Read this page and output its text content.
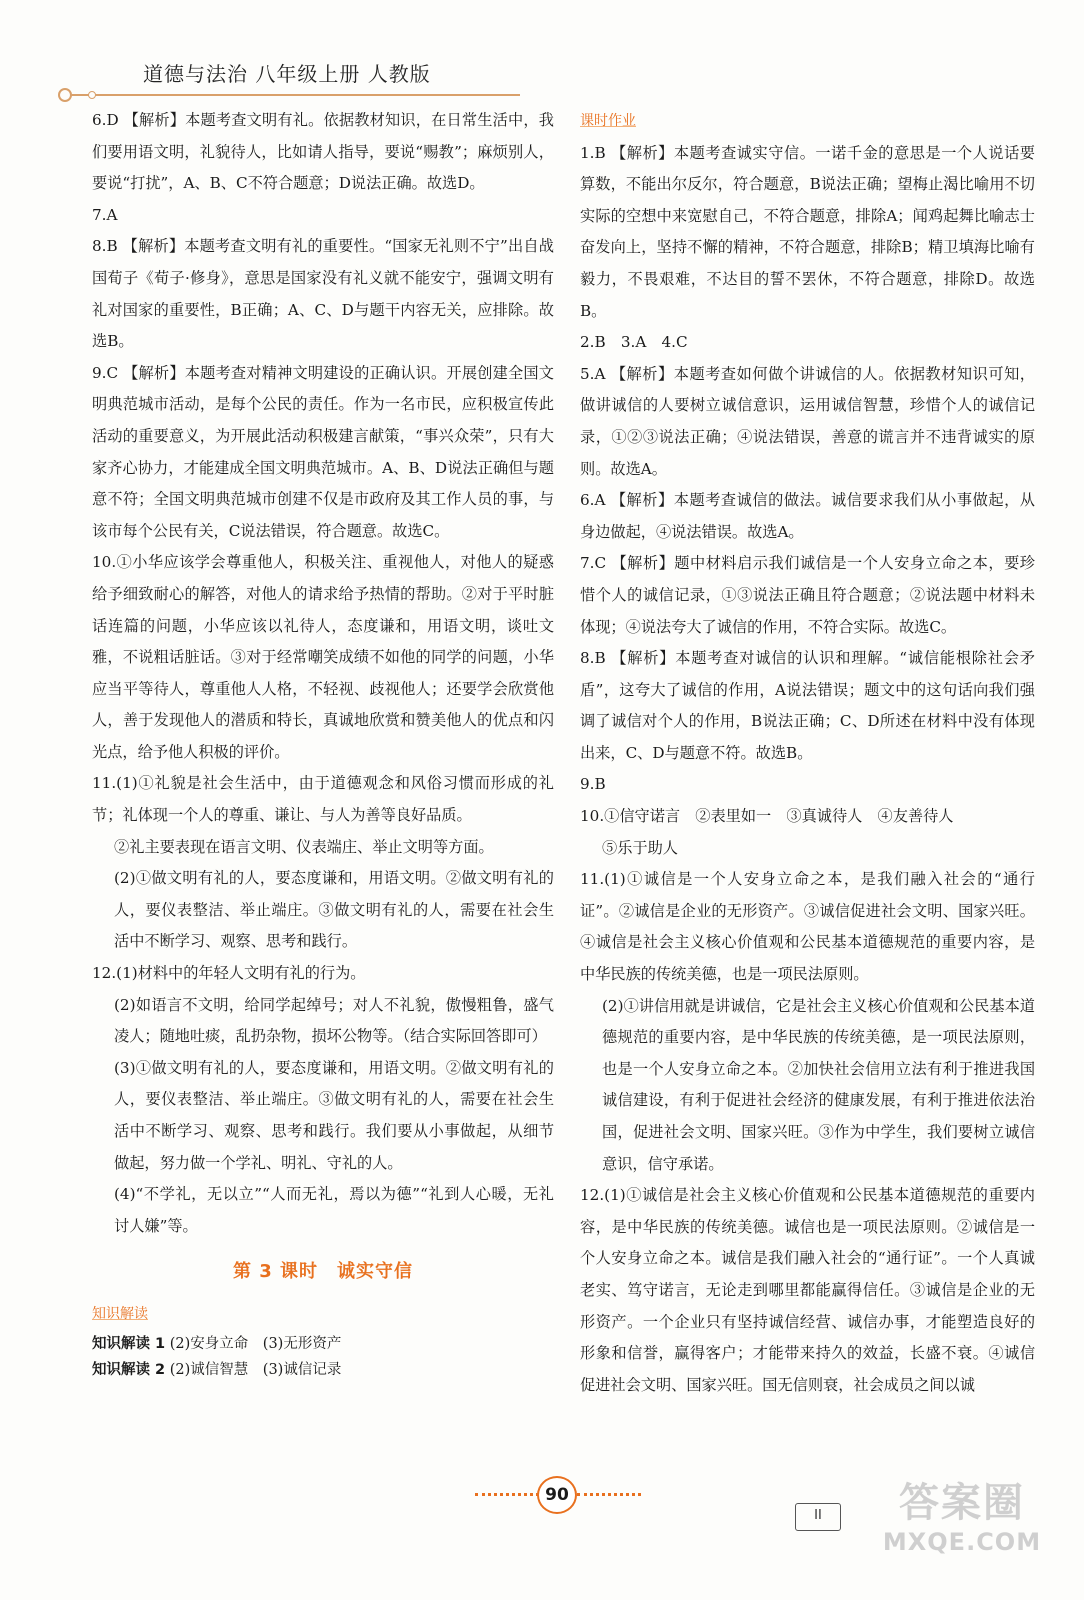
道德与法治 八年级上册 人教版

6.D 【解析】本题考查文明有礼。依据教材知识，在日常生活中，我们要用语文明，礼貌待人，比如请人指导，要说“赐教”；麻烦别人，要说“打扰”，A、B、C不符合题意；D说法正确。故选D。

7.A

8.B 【解析】本题考查文明有礼的重要性。“国家无礼则不宁”出自战国荀子《荀子·修身》，意思是国家没有礼义就不能安宁，强调文明有礼对国家的重要性，B正确；A、C、D与题干内容无关，应排除。故选B。

9.C 【解析】本题考查对精神文明建设的正确认识。开展创建全国文明典范城市活动，是每个公民的责任。作为一名市民，应积极宣传此活动的重要意义，为开展此活动积极建言献策，“事兴众荣”，只有大家齐心协力，才能建成全国文明典范城市。A、B、D说法正确但与题意不符；全国文明典范城市创建不仅是市政府及其工作人员的事，与该市每个公民有关，C说法错误，符合题意。故选C。

10.①小华应该学会尊重他人，积极关注、重视他人，对他人的疑惑给予细致耐心的解答，对他人的请求给予热情的帮助。②对于平时脏话连篇的问题，小华应该以礼待人，态度谦和，用语文明，谈吐文雅，不说粗话脏话。③对于经常嘲笑成绩不如他的同学的问题，小华应当平等待人，尊重他人人格，不轻视、歧视他人；还要学会欣赏他人，善于发现他人的潜质和特长，真诚地欣赏和赞美他人的优点和闪光点，给予他人积极的评价。

11.(1)①礼貌是社会生活中，由于道德观念和风俗习惯而形成的礼节；礼体现一个人的尊重、谦让、与人为善等良好品质。

②礼主要表现在语言文明、仪表端庄、举止文明等方面。

(2)①做文明有礼的人，要态度谦和，用语文明。②做文明有礼的人，要仪表整洁、举止端庄。③做文明有礼的人，需要在社会生活中不断学习、观察、思考和践行。

12.(1)材料中的年轻人文明有礼的行为。

(2)如语言不文明，给同学起绰号；对人不礼貌，傲慢粗鲁，盛气凌人；随地吐痰，乱扔杂物，损坏公物等。（结合实际回答即可）

(3)①做文明有礼的人，要态度谦和，用语文明。②做文明有礼的人，要仪表整洁、举止端庄。③做文明有礼的人，需要在社会生活中不断学习、观察、思考和践行。我们要从小事做起，从细节做起，努力做一个学礼、明礼、守礼的人。

(4)“不学礼，无以立”“人而无礼，焉以为德”“礼到人心暖，无礼讨人嫌”等。

第 3 课时　诚实守信
知识解读

知识解读 1 (2)安身立命　(3)无形资产

知识解读 2 (2)诚信智慧　(3)诚信记录

课时作业

1.B 【解析】本题考查诚实守信。一诺千金的意思是一个人说话要算数，不能出尔反尔，符合题意，B说法正确；望梅止渴比喻用不切实际的空想中来宽慰自己，不符合题意，排除A；闻鸡起舞比喻志士奋发向上，坚持不懈的精神，不符合题意，排除B；精卫填海比喻有毅力，不畏艰难，不达目的誓不罢休，不符合题意，排除D。故选B。

2.B　3.A　4.C

5.A 【解析】本题考查如何做个讲诚信的人。依据教材知识可知，做讲诚信的人要树立诚信意识，运用诚信智慧，珍惜个人的诚信记录，①②③说法正确；④说法错误，善意的谎言并不违背诚实的原则。故选A。

6.A 【解析】本题考查诚信的做法。诚信要求我们从小事做起，从身边做起，④说法错误。故选A。

7.C 【解析】题中材料启示我们诚信是一个人安身立命之本，要珍惜个人的诚信记录，①③说法正确且符合题意；②说法题中材料未体现；④说法夸大了诚信的作用，不符合实际。故选C。

8.B 【解析】本题考查对诚信的认识和理解。“诚信能根除社会矛盾”，这夸大了诚信的作用，A说法错误；题文中的这句话向我们强调了诚信对个人的作用，B说法正确；C、D所述在材料中没有体现出来，C、D与题意不符。故选B。

9.B

10.①信守诺言　②表里如一　③真诚待人　④友善待人

⑤乐于助人

11.(1)①诚信是一个人安身立命之本，是我们融入社会的“通行证”。②诚信是企业的无形资产。③诚信促进社会文明、国家兴旺。④诚信是社会主义核心价值观和公民基本道德规范的重要内容，是中华民族的传统美德，也是一项民法原则。

(2)①讲信用就是讲诚信，它是社会主义核心价值观和公民基本道德规范的重要内容，是中华民族的传统美德，是一项民法原则，也是一个人安身立命之本。②加快社会信用立法有利于推进我国诚信建设，有利于促进社会经济的健康发展，有利于推进依法治国，促进社会文明、国家兴旺。③作为中学生，我们要树立诚信意识，信守承诺。

12.(1)①诚信是社会主义核心价值观和公民基本道德规范的重要内容，是中华民族的传统美德。诚信也是一项民法原则。②诚信是一个人安身立命之本。诚信是我们融入社会的“通行证”。一个人真诚老实、笃守诺言，无论走到哪里都能赢得信任。③诚信是企业的无形资产。一个企业只有坚持诚信经营、诚信办事，才能塑造良好的形象和信誉，赢得客户；才能带来持久的效益，长盛不衰。④诚信促进社会文明、国家兴旺。国无信则衰，社会成员之间以诚

90
II	答案圈
MXQE.COM
